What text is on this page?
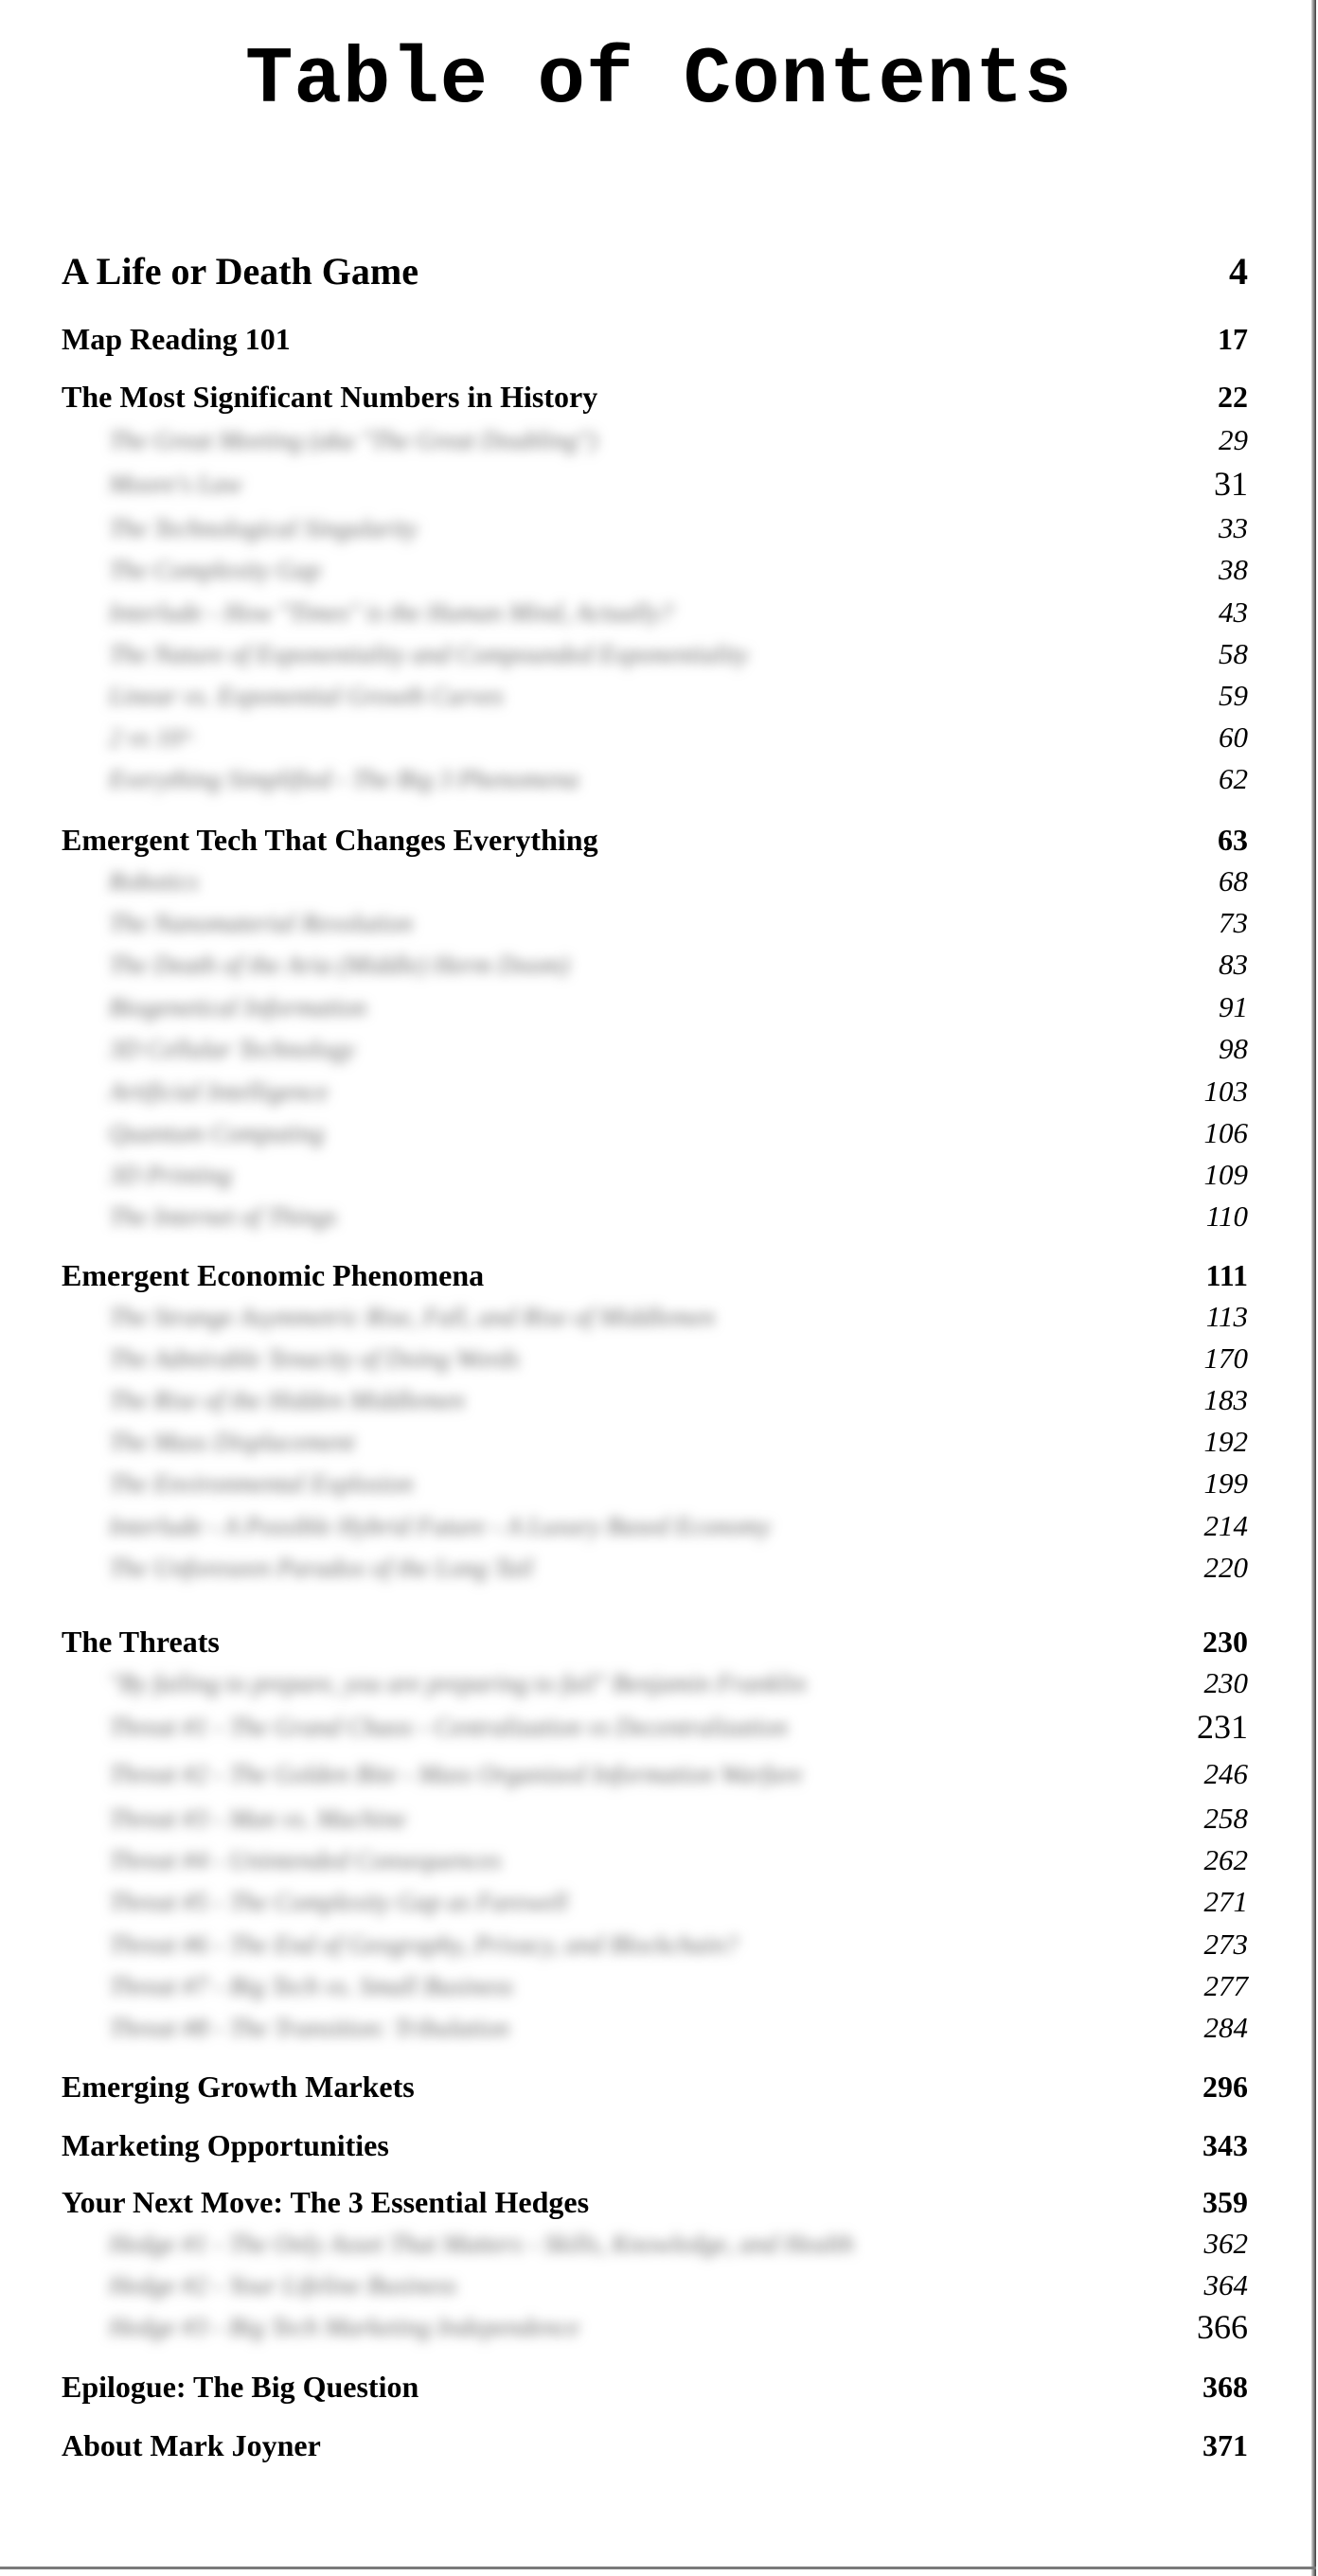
Table of Contents
A Life or Death Game	4
Map Reading 101	17
The Most Significant Numbers in History	22
The Great Meeting (aka "The Great Doubling")	29
Moore's Law	31
The Technological Singularity	33
The Complexity Gap	38
Interlude - How "Times" is the Human Mind, Actually?	43
The Nature of Exponentiality and Compounded Exponentiality	58
Linear vs. Exponential Growth Curves	59
2 vs 10^	60
Everything Simplified - The Big 3 Phenomena	62
Emergent Tech That Changes Everything	63
Robotics	68
The Nanomaterial Revolution	73
The Death of the Aria (Middle) Herm Doom)	83
Biogenetical Information	91
3D Cellular Technology	98
Artificial Intelligence	103
Quantum Computing	106
3D Printing	109
The Internet of Things	110
Emergent Economic Phenomena	111
The Strange Asymmetric Rise, Fall, and Rise of Middlemen	113
The Admirable Tenacity of Doing Words	170
The Rise of the Hidden Middlemen	183
The Mass Displacement	192
The Environmental Explosion	199
Interlude - A Possible Hybrid Future - A Luxury Based Economy	214
The Unforeseen Paradox of the Long Tail	220
The Threats	230
"By failing to prepare, you are preparing to fail" Benjamin Franklin	230
Threat #1 - The Grand Chaos - Centralization vs Decentralization	231
Threat #2 - The Golden Bite - Mass Organized Information Warfare	246
Threat #3 - Man vs. Machine	258
Threat #4 - Unintended Consequences	262
Threat #5 - The Complexity Gap as Farewell	271
Threat #6 - The End of Geography, Privacy, and Blockchain?	273
Threat #7 - Big Tech vs. Small Business	277
Threat #8 - The Transition: Tribulation	284
Emerging Growth Markets	296
Marketing Opportunities	343
Your Next Move: The 3 Essential Hedges	359
Hedge #1 - The Only Asset That Matters - Skills, Knowledge, and Health	362
Hedge #2 - Your Lifeline Business	364
Hedge #3 - Big Tech Marketing Independence	366
Epilogue: The Big Question	368
About Mark Joyner	371
